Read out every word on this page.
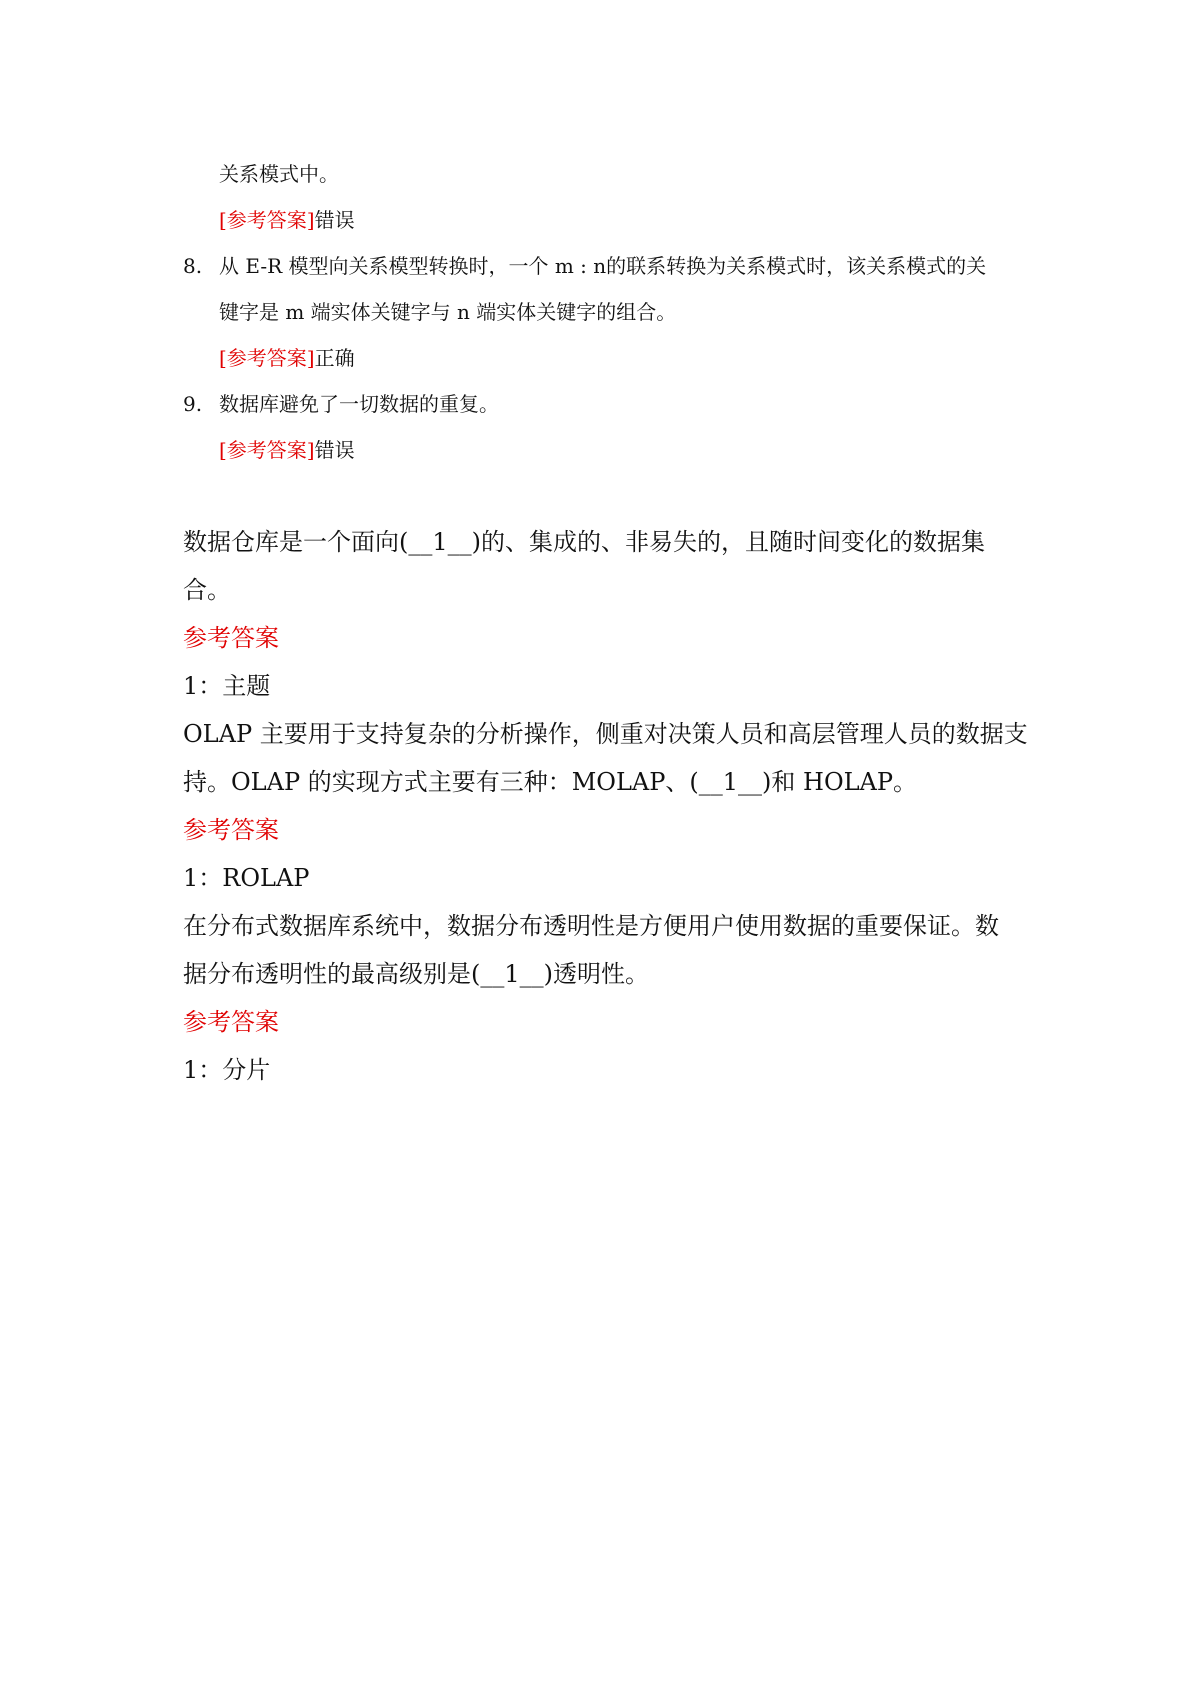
关系模式中。
[参考答案]错误
8. 从 E-R 模型向关系模型转换时，一个 m : n的联系转换为关系模式时，该关系模式的关
键字是 m 端实体关键字与 n 端实体关键字的组合。
[参考答案]正确
9. 数据库避免了一切数据的重复。
[参考答案]错误
数据仓库是一个面向(__1__)的、集成的、非易失的，且随时间变化的数据集
合。
参考答案
1：主题
OLAP 主要用于支持复杂的分析操作，侧重对决策人员和高层管理人员的数据支
持。OLAP 的实现方式主要有三种：MOLAP、(__1__)和 HOLAP。
参考答案
1：ROLAP
在分布式数据库系统中，数据分布透明性是方便用户使用数据的重要保证。数
据分布透明性的最高级别是(__1__)透明性。
参考答案
1：分片
